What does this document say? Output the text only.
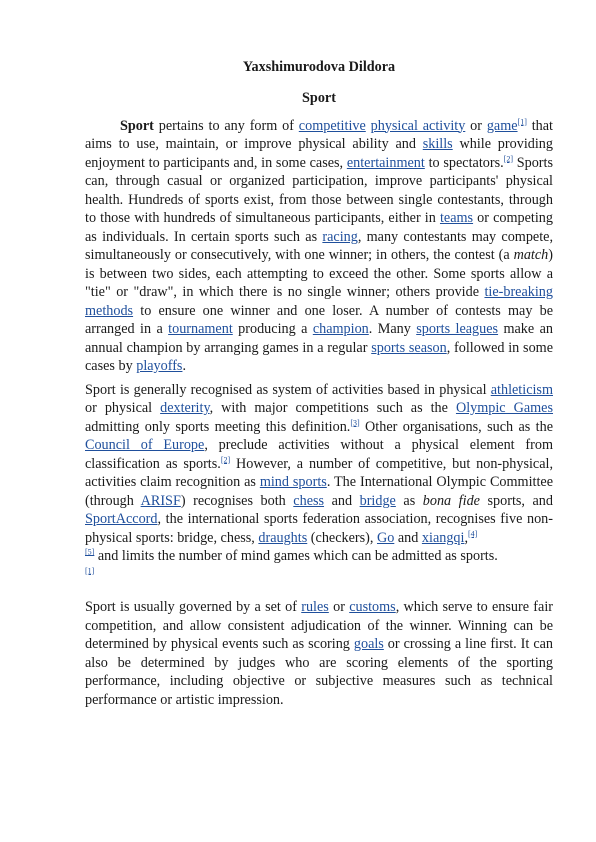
Yaxshimurodova Dildora

Sport

Sport pertains to any form of competitive physical activity or game[1] that aims to use, maintain, or improve physical ability and skills while providing enjoyment to participants and, in some cases, entertainment to spectators.[2] Sports can, through casual or organized participation, improve participants' physical health. Hundreds of sports exist, from those between single contestants, through to those with hundreds of simultaneous participants, either in teams or competing as individuals. In certain sports such as racing, many contestants may compete, simultaneously or consecutively, with one winner; in others, the contest (a match) is between two sides, each attempting to exceed the other. Some sports allow a "tie" or "draw", in which there is no single winner; others provide tie-breaking methods to ensure one winner and one loser. A number of contests may be arranged in a tournament producing a champion. Many sports leagues make an annual champion by arranging games in a regular sports season, followed in some cases by playoffs.

Sport is generally recognised as system of activities based in physical athleticism or physical dexterity, with major competitions such as the Olympic Games admitting only sports meeting this definition.[3] Other organisations, such as the Council of Europe, preclude activities without a physical element from classification as sports.[2] However, a number of competitive, but non-physical, activities claim recognition as mind sports. The International Olympic Committee (through ARISF) recognises both chess and bridge as bona fide sports, and SportAccord, the international sports federation association, recognises five non-physical sports: bridge, chess, draughts (checkers), Go and xiangqi,[4]
[5] and limits the number of mind games which can be admitted as sports.
[1]

Sport is usually governed by a set of rules or customs, which serve to ensure fair competition, and allow consistent adjudication of the winner. Winning can be determined by physical events such as scoring goals or crossing a line first. It can also be determined by judges who are scoring elements of the sporting performance, including objective or subjective measures such as technical performance or artistic impression.
